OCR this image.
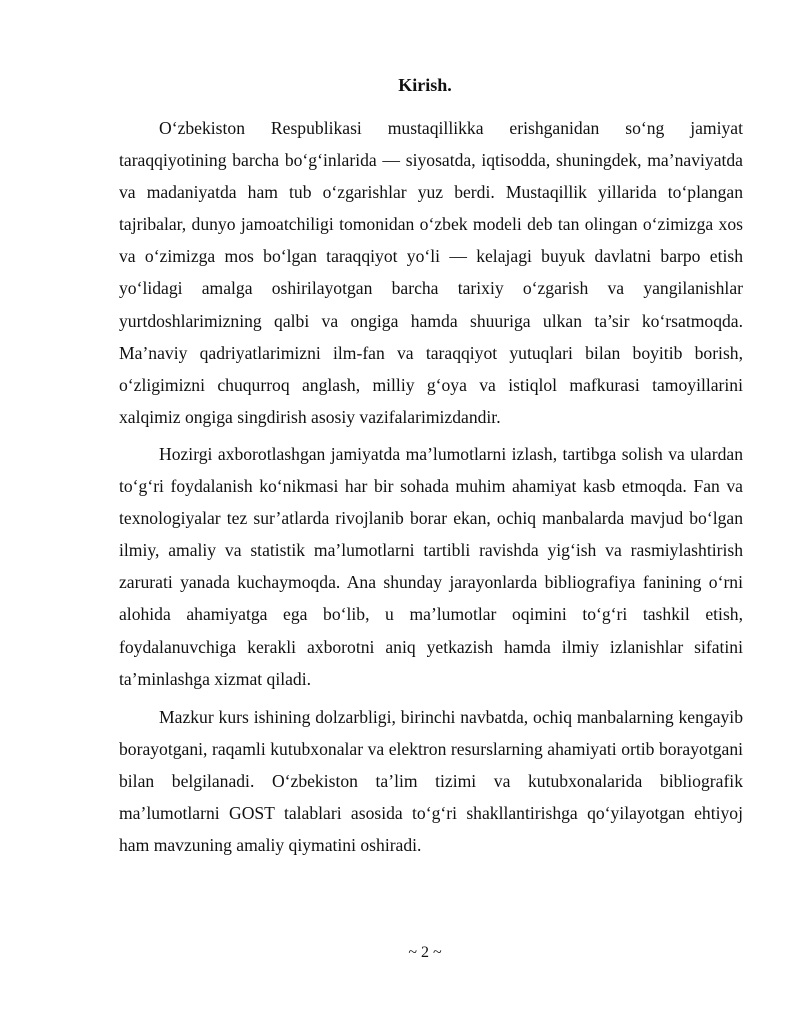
Kirish.

O‘zbekiston Respublikasi mustaqillikka erishganidan so‘ng jamiyat taraqqiyotining barcha bo‘g‘inlarida — siyosatda, iqtisodda, shuningdek, ma’naviyatda va madaniyatda ham tub o‘zgarishlar yuz berdi. Mustaqillik yillarida to‘plangan tajribalar, dunyo jamoatchiligi tomonidan o‘zbek modeli deb tan olingan o‘zimizga xos va o‘zimizga mos bo‘lgan taraqqiyot yo‘li — kelajagi buyuk davlatni barpo etish yo‘lidagi amalga oshirilayotgan barcha tarixiy o‘zgarish va yangilanishlar yurtdoshlarimizning qalbi va ongiga hamda shuuriga ulkan ta’sir ko‘rsatmoqda. Ma’naviy qadriyatlarimizni ilm-fan va taraqqiyot yutuqlari bilan boyitib borish, o‘zligimizni chuqurroq anglash, milliy g‘oya va istiqlol mafkurasi tamoyillarini xalqimiz ongiga singdirish asosiy vazifalarimizdandir.

Hozirgi axborotlashgan jamiyatda ma’lumotlarni izlash, tartibga solish va ulardan to‘g‘ri foydalanish ko‘nikmasi har bir sohada muhim ahamiyat kasb etmoqda. Fan va texnologiyalar tez sur’atlarda rivojlanib borar ekan, ochiq manbalarda mavjud bo‘lgan ilmiy, amaliy va statistik ma’lumotlarni tartibli ravishda yig‘ish va rasmiylashtirish zarurati yanada kuchaymoqda. Ana shunday jarayonlarda bibliografiya fanining o‘rni alohida ahamiyatga ega bo‘lib, u ma’lumotlar oqimini to‘g‘ri tashkil etish, foydalanuvchiga kerakli axborotni aniq yetkazish hamda ilmiy izlanishlar sifatini ta’minlashga xizmat qiladi.

Mazkur kurs ishining dolzarbligi, birinchi navbatda, ochiq manbalarning kengayib borayotgani, raqamli kutubxonalar va elektron resurslarning ahamiyati ortib borayotgani bilan belgilanadi. O‘zbekiston ta’lim tizimi va kutubxonalarida bibliografik ma’lumotlarni GOST talablari asosida to‘g‘ri shakllantirishga qo‘yilayotgan ehtiyoj ham mavzuning amaliy qiymatini oshiradi.

~ 2 ~
